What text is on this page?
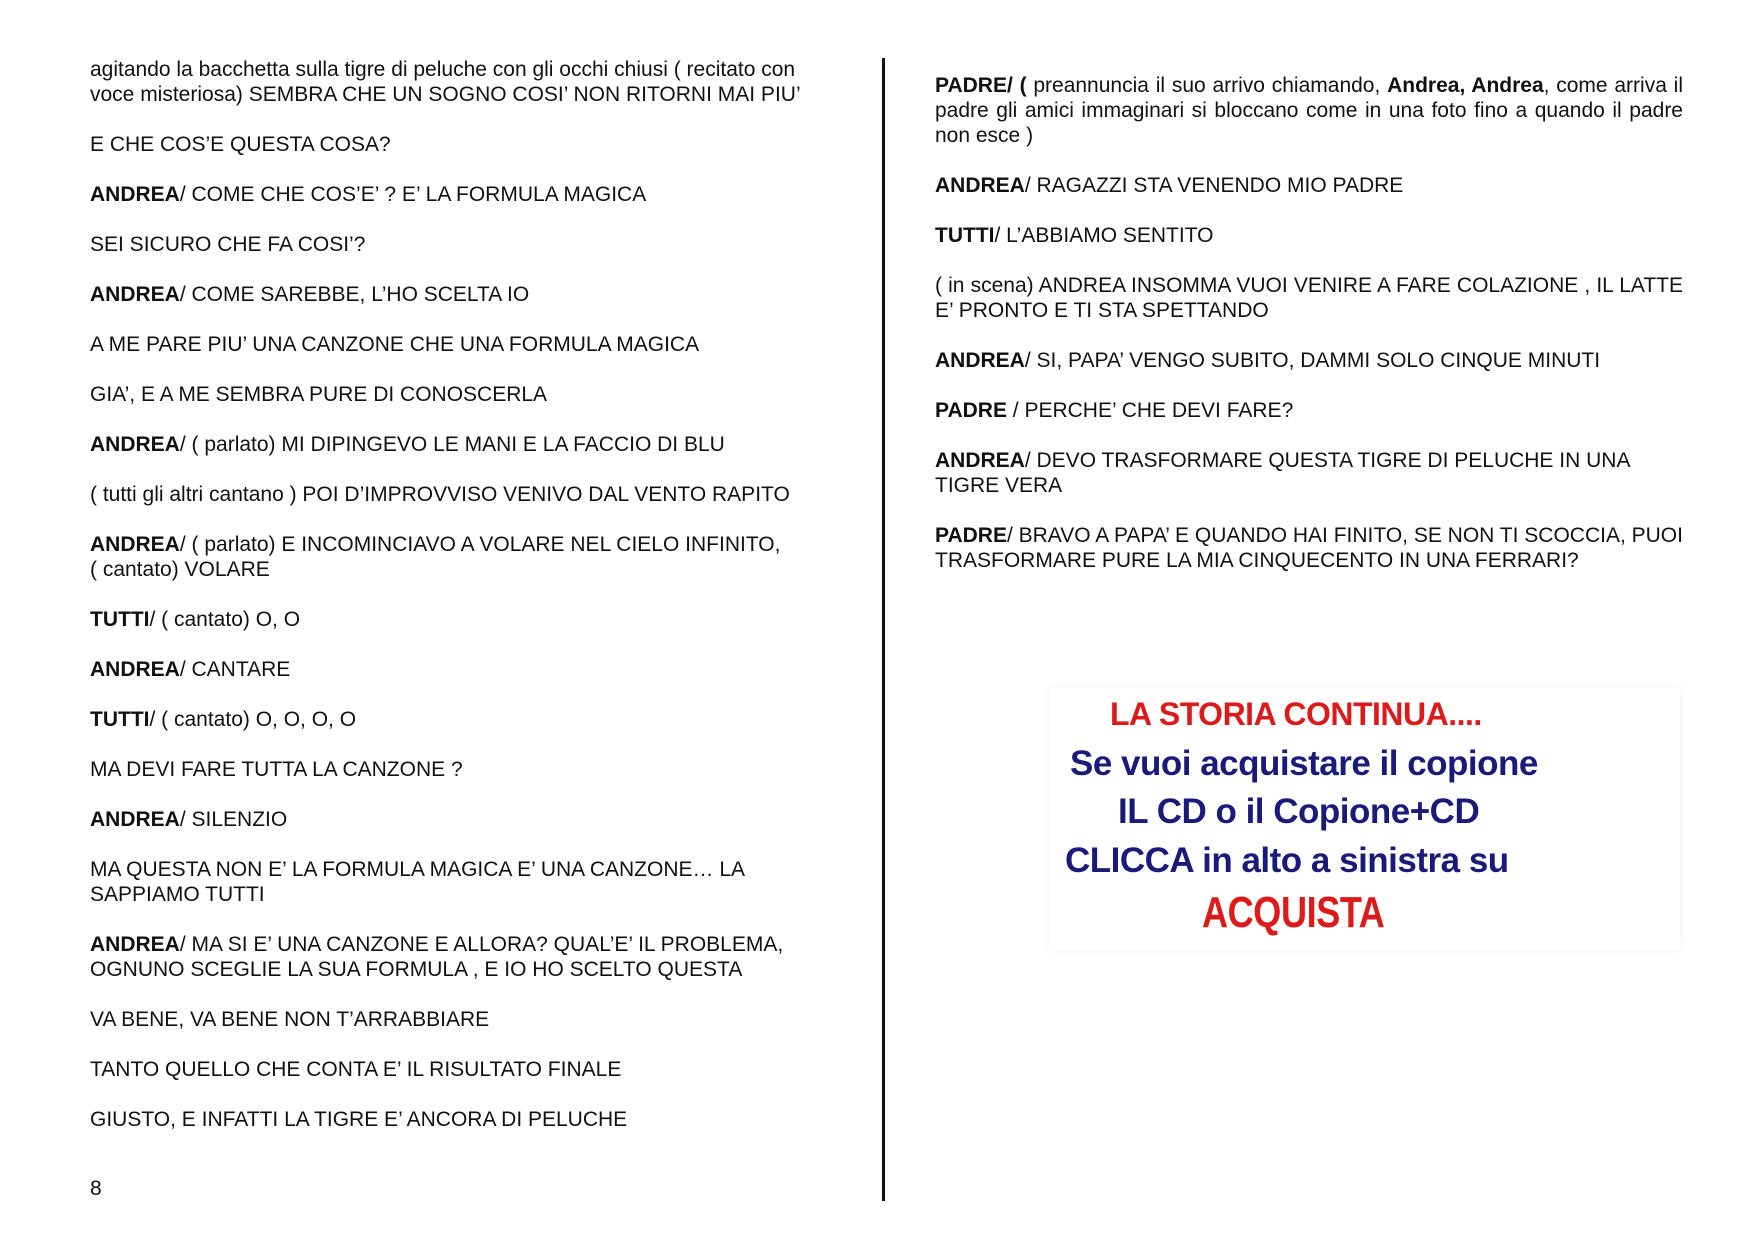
agitando la bacchetta sulla tigre di peluche con gli occhi chiusi ( recitato con
voce misteriosa) SEMBRA CHE UN SOGNO COSI’ NON RITORNI MAI PIU’

E CHE COS’E QUESTA COSA?

ANDREA/ COME CHE COS’E’ ? E’ LA FORMULA MAGICA

SEI SICURO CHE FA COSI’?

ANDREA/ COME SAREBBE, L’HO SCELTA IO

A ME PARE PIU’ UNA CANZONE CHE UNA FORMULA MAGICA

GIA’, E A ME SEMBRA PURE DI CONOSCERLA

ANDREA/ ( parlato) MI DIPINGEVO LE MANI E LA FACCIO DI BLU

( tutti gli altri cantano ) POI D’IMPROVVISO VENIVO DAL VENTO RAPITO

ANDREA/ ( parlato) E INCOMINCIAVO A VOLARE NEL CIELO INFINITO,
( cantato) VOLARE

TUTTI/ ( cantato) O, O

ANDREA/ CANTARE

TUTTI/ ( cantato) O, O, O, O

MA DEVI FARE TUTTA LA CANZONE ?

ANDREA/ SILENZIO

MA QUESTA NON E’ LA FORMULA MAGICA E’ UNA CANZONE… LA
SAPPIAMO TUTTI

ANDREA/ MA SI E’ UNA CANZONE E ALLORA? QUAL’E’ IL PROBLEMA,
OGNUNO SCEGLIE LA SUA FORMULA , E IO HO SCELTO QUESTA

VA BENE, VA BENE NON T’ARRABBIARE

TANTO QUELLO CHE CONTA E’ IL RISULTATO FINALE

GIUSTO, E INFATTI LA TIGRE E’ ANCORA DI PELUCHE

8

PADRE/ ( preannuncia il suo arrivo chiamando, Andrea, Andrea, come arriva il padre gli amici immaginari si bloccano come in una foto fino a quando il padre non esce )

ANDREA/ RAGAZZI STA VENENDO MIO PADRE

TUTTI/ L’ABBIAMO SENTITO

( in scena) ANDREA INSOMMA VUOI VENIRE A FARE COLAZIONE , IL LATTE E’ PRONTO E TI STA SPETTANDO

ANDREA/ SI, PAPA’ VENGO SUBITO, DAMMI SOLO CINQUE MINUTI

PADRE / PERCHE’ CHE DEVI FARE?

ANDREA/ DEVO TRASFORMARE QUESTA TIGRE DI PELUCHE IN UNA TIGRE VERA

PADRE/ BRAVO A PAPA’ E QUANDO HAI FINITO, SE NON TI SCOCCIA, PUOI TRASFORMARE PURE LA MIA CINQUECENTO IN UNA FERRARI?

LA STORIA CONTINUA....
Se vuoi acquistare il copione
IL CD o il Copione+CD
CLICCA in alto a sinistra su
ACQUISTA
